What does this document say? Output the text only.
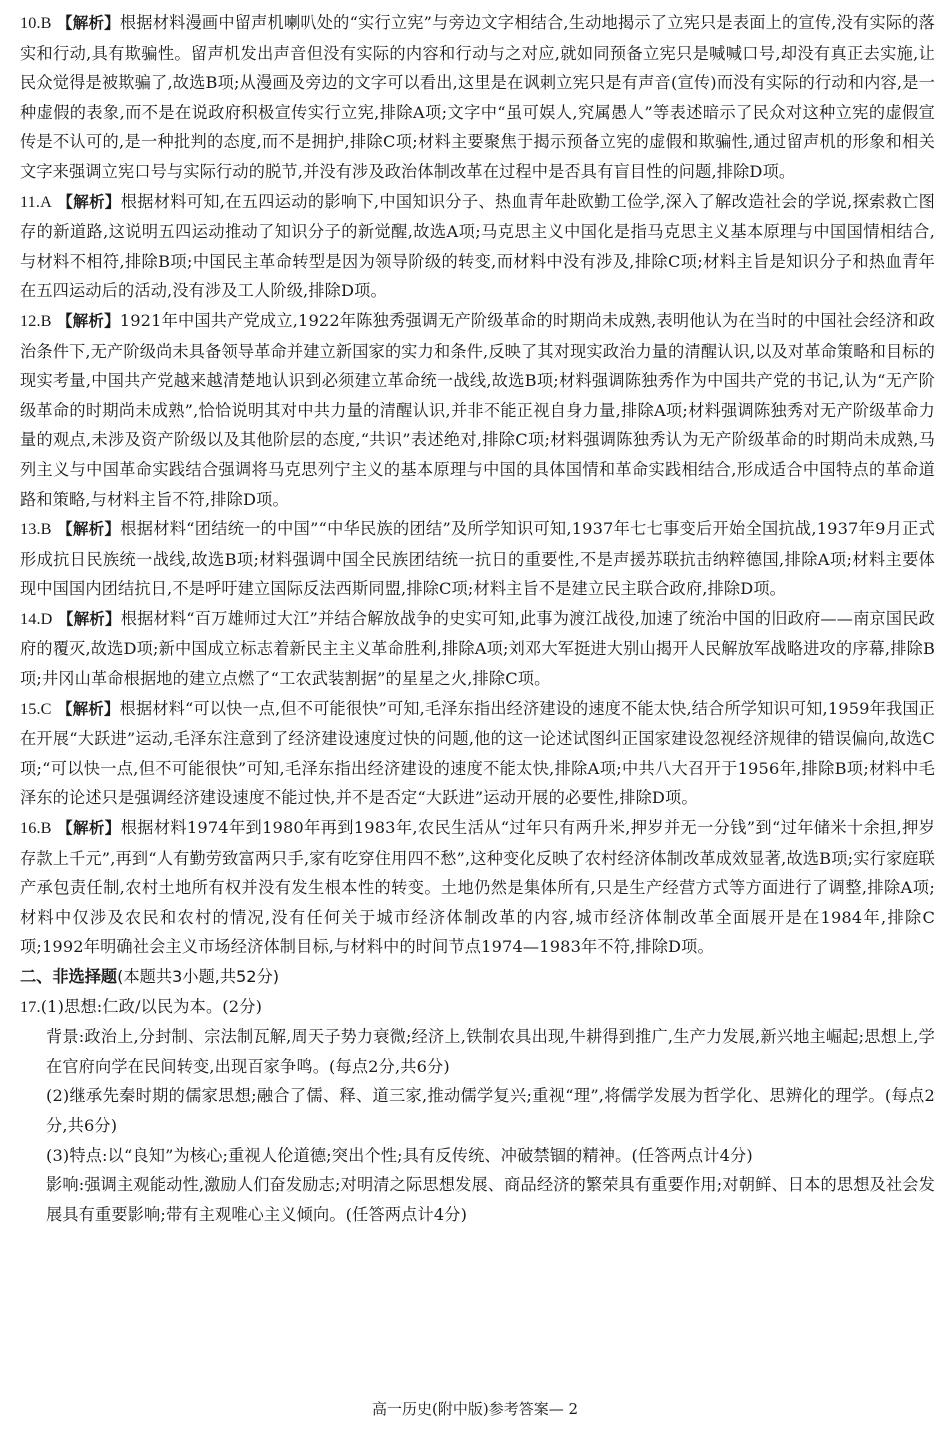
10.B 【解析】根据材料漫画中留声机喇叭处的“实行立宪”与旁边文字相结合,生动地揭示了立宪只是表面上的宣传,没有实际的落实和行动,具有欺骗性。留声机发出声音但没有实际的内容和行动与之对应,就如同预备立宪只是喊喊口号,却没有真正去实施,让民众觉得是被欺骗了,故选B项;从漫画及旁边的文字可以看出,这里是在讽刺立宪只是有声音(宣传)而没有实际的行动和内容,是一种虚假的表象,而不是在说政府积极宣传实行立宪,排除A项;文字中“虽可娱人,究属愚人”等表述暗示了民众对这种立宪的虚假宣传是不认可的,是一种批判的态度,而不是拥护,排除C项;材料主要聚焦于揭示预备立宪的虚假和欺骗性,通过留声机的形象和相关文字来强调立宪口号与实际行动的脱节,并没有涉及政治体制改革在过程中是否具有盲目性的问题,排除D项。

11.A 【解析】根据材料可知,在五四运动的影响下,中国知识分子、热血青年赴欧勤工俭学,深入了解改造社会的学说,探索救亡图存的新道路,这说明五四运动推动了知识分子的新觉醒,故选A项;马克思主义中国化是指马克思主义基本原理与中国国情相结合,与材料不相符,排除B项;中国民主革命转型是因为领导阶级的转变,而材料中没有涉及,排除C项;材料主旨是知识分子和热血青年在五四运动后的活动,没有涉及工人阶级,排除D项。

12.B 【解析】1921年中国共产党成立,1922年陈独秀强调无产阶级革命的时期尚未成熟,表明他认为在当时的中国社会经济和政治条件下,无产阶级尚未具备领导革命并建立新国家的实力和条件,反映了其对现实政治力量的清醒认识,以及对革命策略和目标的现实考量,中国共产党越来越清楚地认识到必须建立革命统一战线,故选B项;材料强调陈独秀作为中国共产党的书记,认为“无产阶级革命的时期尚未成熟”,恰恰说明其对中共力量的清醒认识,并非不能正视自身力量,排除A项;材料强调陈独秀对无产阶级革命力量的观点,未涉及资产阶级以及其他阶层的态度,“共识”表述绝对,排除C项;材料强调陈独秀认为无产阶级革命的时期尚未成熟,马列主义与中国革命实践结合强调将马克思列宁主义的基本原理与中国的具体国情和革命实践相结合,形成适合中国特点的革命道路和策略,与材料主旨不符,排除D项。

13.B 【解析】根据材料“团结统一的中国”“中华民族的团结”及所学知识可知,1937年七七事变后开始全国抗战,1937年9月正式形成抗日民族统一战线,故选B项;材料强调中国全民族团结统一抗日的重要性,不是声援苏联抗击纳粹德国,排除A项;材料主要体现中国国内团结抗日,不是呼吁建立国际反法西斯同盟,排除C项;材料主旨不是建立民主联合政府,排除D项。

14.D 【解析】根据材料“百万雄师过大江”并结合解放战争的史实可知,此事为渡江战役,加速了统治中国的旧政府——南京国民政府的覆灭,故选D项;新中国成立标志着新民主主义革命胜利,排除A项;刘邓大军挺进大别山揭开人民解放军战略进攻的序幕,排除B项;井冈山革命根据地的建立点燃了“工农武装割据”的星星之火,排除C项。

15.C 【解析】根据材料“可以快一点,但不可能很快”可知,毛泽东指出经济建设的速度不能太快,结合所学知识可知,1959年我国正在开展“大跃进”运动,毛泽东注意到了经济建设速度过快的问题,他的这一论述试图纠正国家建设忽视经济规律的错误偏向,故选C项;“可以快一点,但不可能很快”可知,毛泽东指出经济建设的速度不能太快,排除A项;中共八大召开于1956年,排除B项;材料中毛泽东的论述只是强调经济建设速度不能过快,并不是否定“大跃进”运动开展的必要性,排除D项。

16.B 【解析】根据材料1974年到1980年再到1983年,农民生活从“过年只有两升米,押岁并无一分钱”到“过年储米十余担,押岁存款上千元”,再到“人有勤劳致富两只手,家有吃穿住用四不愁”,这种变化反映了农村经济体制改革成效显著,故选B项;实行家庭联产承包责任制,农村土地所有权并没有发生根本性的转变。土地仍然是集体所有,只是生产经营方式等方面进行了调整,排除A项;材料中仅涉及农民和农村的情况,没有任何关于城市经济体制改革的内容,城市经济体制改革全面展开是在1984年,排除C项;1992年明确社会主义市场经济体制目标,与材料中的时间节点1974—1983年不符,排除D项。

二、非选择题(本题共3小题,共52分)

17.(1)思想:仁政/以民为本。(2分)

背景:政治上,分封制、宗法制瓦解,周天子势力衰微;经济上,铁制农具出现,牛耕得到推广,生产力发展,新兴地主崛起;思想上,学在官府向学在民间转变,出现百家争鸣。(每点2分,共6分)

(2)继承先秦时期的儒家思想;融合了儒、释、道三家,推动儒学复兴;重视“理”,将儒学发展为哲学化、思辨化的理学。(每点2分,共6分)

(3)特点:以“良知”为核心;重视人伦道德;突出个性;具有反传统、冲破禁锢的精神。(任答两点计4分)

影响:强调主观能动性,激励人们奋发励志;对明清之际思想发展、商品经济的繁荣具有重要作用;对朝鲜、日本的思想及社会发展具有重要影响;带有主观唯心主义倾向。(任答两点计4分)

高一历史(附中版)参考答案— 2
